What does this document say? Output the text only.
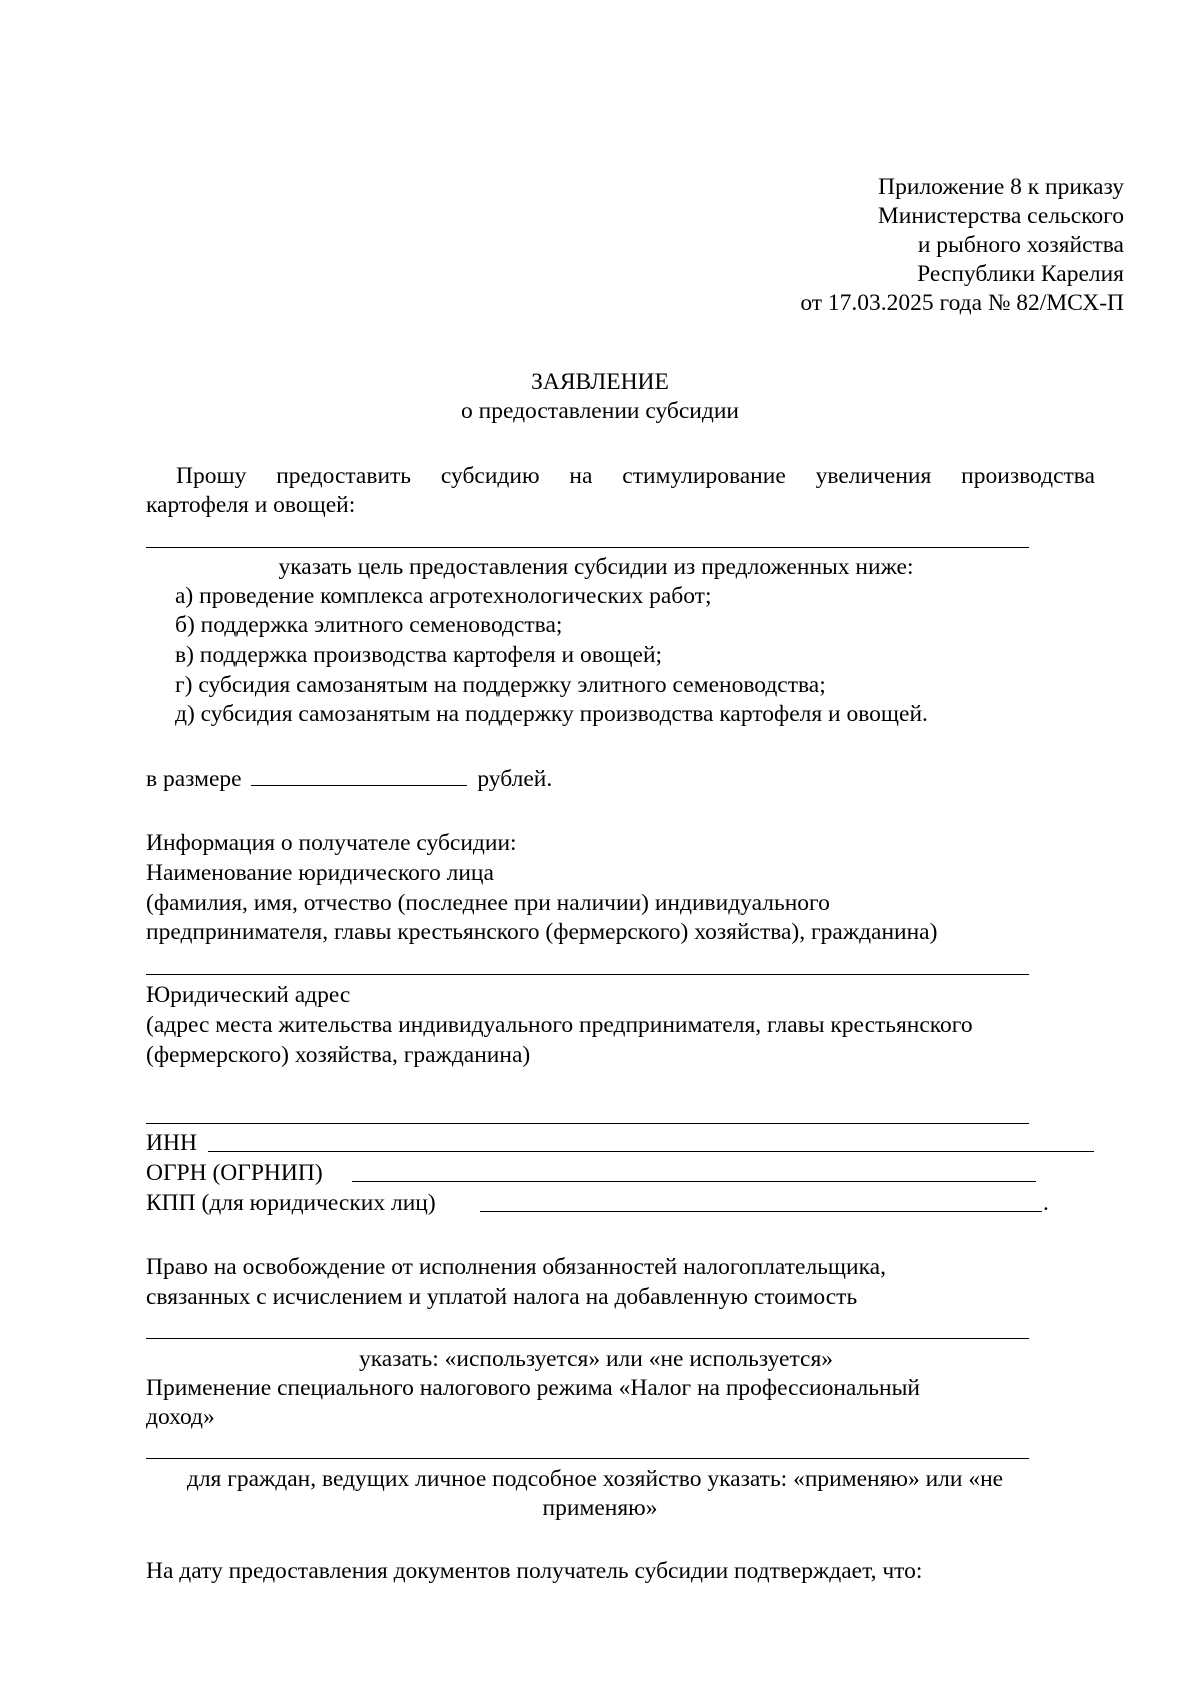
Приложение 8 к приказу
Министерства сельского
и рыбного хозяйства
Республики Карелия
от 17.03.2025 года № 82/МСХ-П
ЗАЯВЛЕНИЕ
о предоставлении субсидии
Прошу предоставить субсидию на стимулирование увеличения производства
картофеля и овощей:
указать цель предоставления субсидии из предложенных ниже:
а) проведение комплекса агротехнологических работ;
б) поддержка элитного семеноводства;
в) поддержка производства картофеля и овощей;
г) субсидия самозанятым на поддержку элитного семеноводства;
д) субсидия самозанятым на поддержку производства картофеля и овощей.
в размере	рублей.
Информация о получателе субсидии:
Наименование юридического лица
(фамилия, имя, отчество (последнее при наличии) индивидуального
предпринимателя, главы крестьянского (фермерского) хозяйства), гражданина)
Юридический адрес
(адрес места жительства индивидуального предпринимателя, главы крестьянского
(фермерского) хозяйства, гражданина)
ИНН
ОГРН (ОГРНИП)
КПП (для юридических лиц)	.
Право на освобождение от исполнения обязанностей налогоплательщика,
связанных с исчислением и уплатой налога на добавленную стоимость
указать: «используется» или «не используется»
Применение специального налогового режима «Налог на профессиональный
доход»
для граждан, ведущих личное подсобное хозяйство указать: «применяю» или «не
применяю»
На дату предоставления документов получатель субсидии подтверждает, что:
